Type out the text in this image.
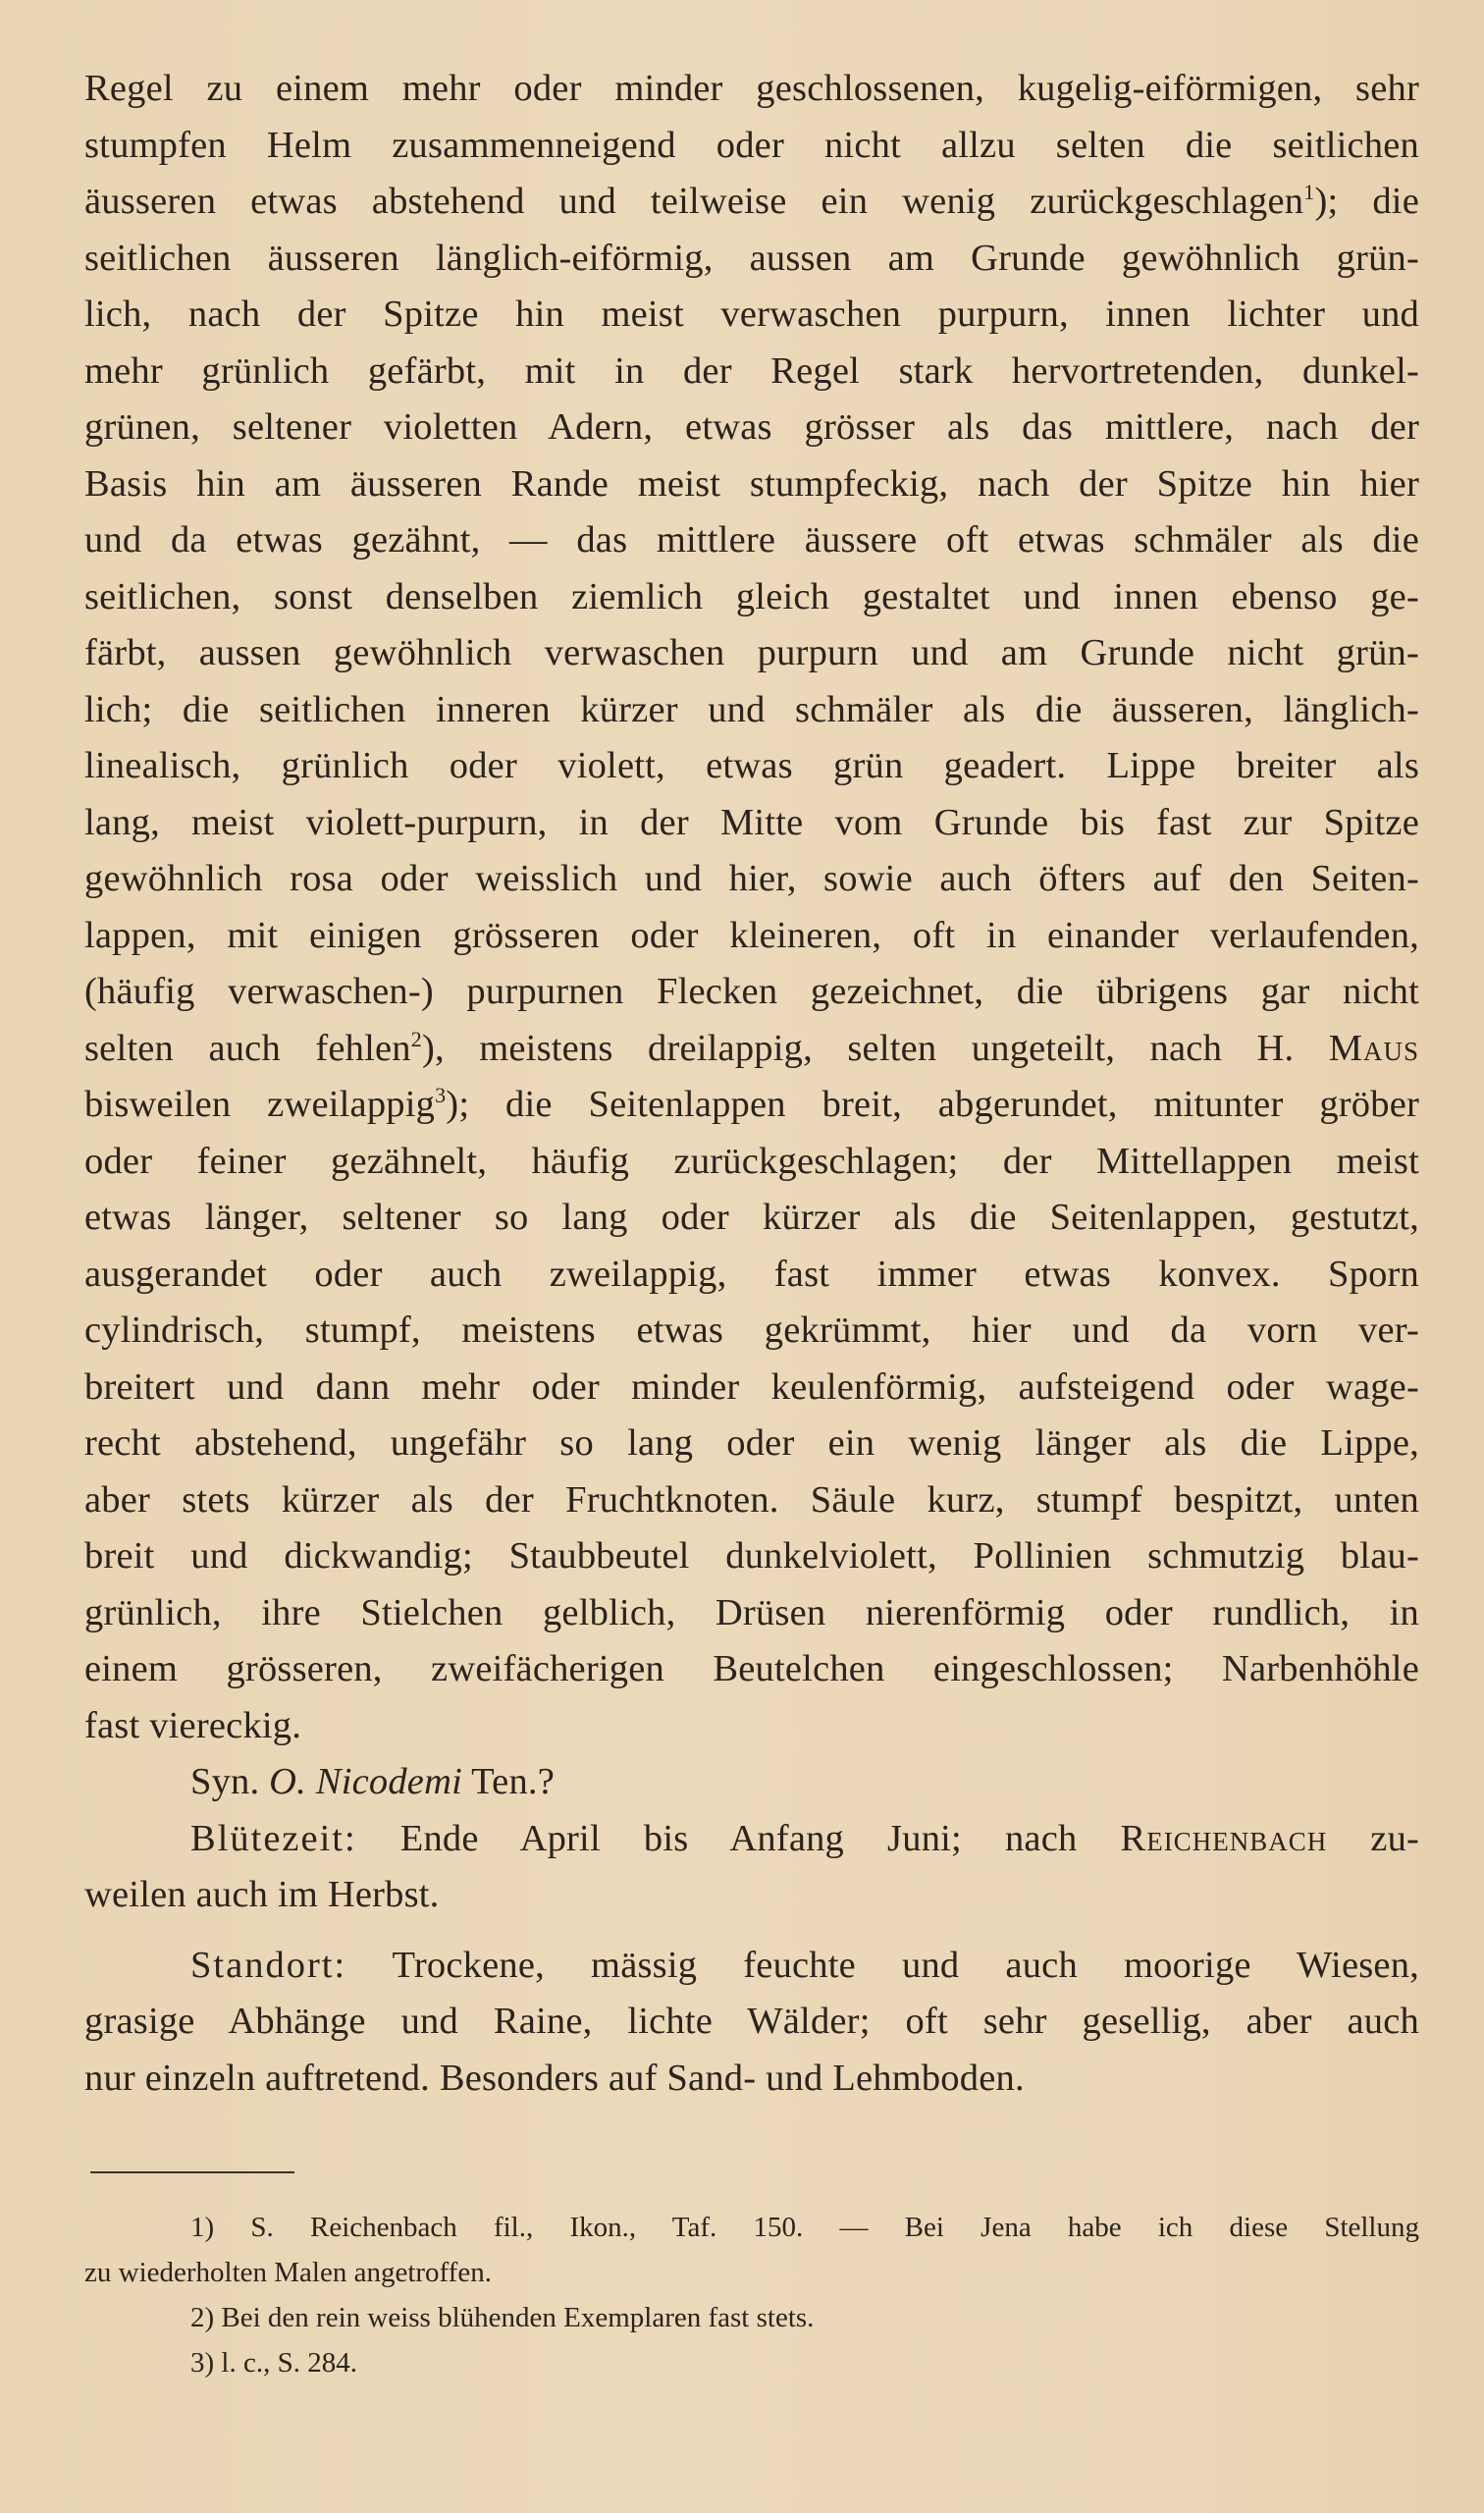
Regel zu einem mehr oder minder geschlossenen, kugelig-eiförmigen, sehr
stumpfen Helm zusammenneigend oder nicht allzu selten die seitlichen
äusseren etwas abstehend und teilweise ein wenig zurückgeschlagen$^1$); die
seitlichen äusseren länglich-eiförmig, aussen am Grunde gewöhnlich grün-
lich, nach der Spitze hin meist verwaschen purpurn, innen lichter und
mehr grünlich gefärbt, mit in der Regel stark hervortretenden, dunkel-
grünen, seltener violetten Adern, etwas grösser als das mittlere, nach der
Basis hin am äusseren Rande meist stumpfeckig, nach der Spitze hin hier
und da etwas gezähnt, — das mittlere äussere oft etwas schmäler als die
seitlichen, sonst denselben ziemlich gleich gestaltet und innen ebenso ge-
färbt, aussen gewöhnlich verwaschen purpurn und am Grunde nicht grün-
lich; die seitlichen inneren kürzer und schmäler als die äusseren, länglich-
linealisch, grünlich oder violett, etwas grün geadert. Lippe breiter als
lang, meist violett-purpurn, in der Mitte vom Grunde bis fast zur Spitze
gewöhnlich rosa oder weisslich und hier, sowie auch öfters auf den Seiten-
lappen, mit einigen grösseren oder kleineren, oft in einander verlaufenden,
(häufig verwaschen-) purpurnen Flecken gezeichnet, die übrigens gar nicht
selten auch fehlen$^2$), meistens dreilappig, selten ungeteilt, nach H. Maus
bisweilen zweilappig$^3$); die Seitenlappen breit, abgerundet, mitunter gröber
oder feiner gezähnelt, häufig zurückgeschlagen; der Mittellappen meist
etwas länger, seltener so lang oder kürzer als die Seitenlappen, gestutzt,
ausgerandet oder auch zweilappig, fast immer etwas konvex. Sporn
cylindrisch, stumpf, meistens etwas gekrümmt, hier und da vorn ver-
breitert und dann mehr oder minder keulenförmig, aufsteigend oder wage-
recht abstehend, ungefähr so lang oder ein wenig länger als die Lippe,
aber stets kürzer als der Fruchtknoten. Säule kurz, stumpf bespitzt, unten
breit und dickwandig; Staubbeutel dunkelviolett, Pollinien schmutzig blau-
grünlich, ihre Stielchen gelblich, Drüsen nierenförmig oder rundlich, in
einem grösseren, zweifächerigen Beutelchen eingeschlossen; Narbenhöhle
fast viereckig.
Syn. O. Nicodemi Ten.?
Blütezeit: Ende April bis Anfang Juni; nach Reichenbach zu-
weilen auch im Herbst.
Standort: Trockene, mässig feuchte und auch moorige Wiesen,
grasige Abhänge und Raine, lichte Wälder; oft sehr gesellig, aber auch
nur einzeln auftretend. Besonders auf Sand- und Lehmboden.
1) S. Reichenbach fil., Ikon., Taf. 150. — Bei Jena habe ich diese Stellung
zu wiederholten Malen angetroffen.
2) Bei den rein weiss blühenden Exemplaren fast stets.
3) l. c., S. 284.
